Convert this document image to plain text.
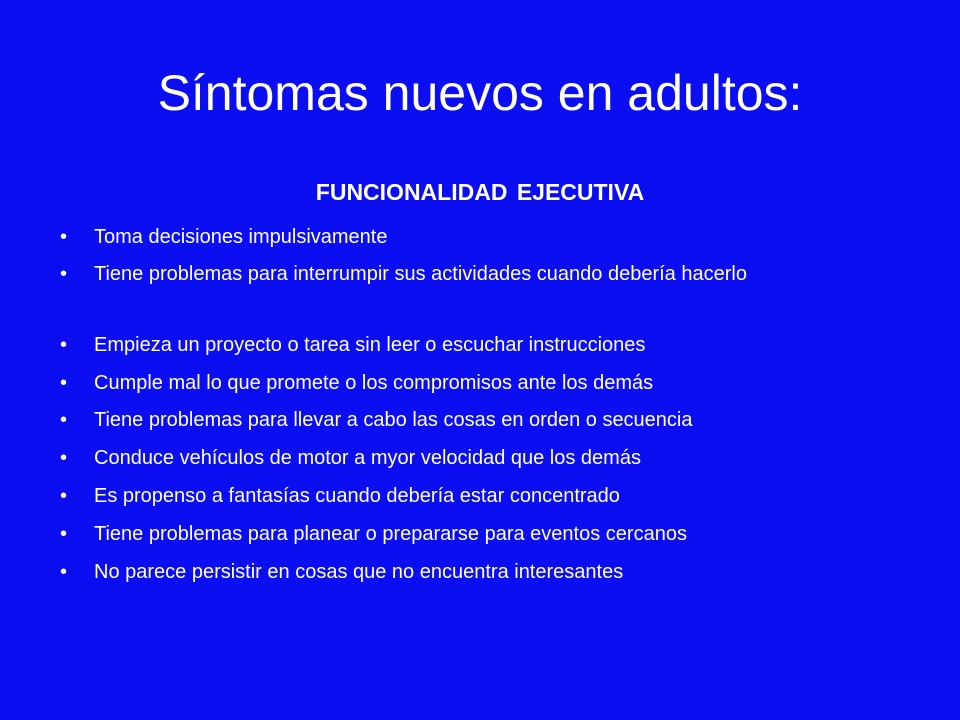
Síntomas nuevos en adultos:
FUNCIONALIDAD EJECUTIVA
•	Toma decisiones impulsivamente
•	Tiene problemas para interrumpir sus actividades cuando debería hacerlo
•	Empieza un proyecto o tarea sin leer o escuchar instrucciones
•	Cumple mal lo que promete o los compromisos ante los demás
•	Tiene problemas para llevar a cabo las cosas en orden o secuencia
•	Conduce vehículos de motor a myor velocidad que los demás
•	Es propenso a fantasías cuando debería estar concentrado
•	Tiene problemas para planear o prepararse para eventos cercanos
•	No parece persistir en cosas que no encuentra interesantes
